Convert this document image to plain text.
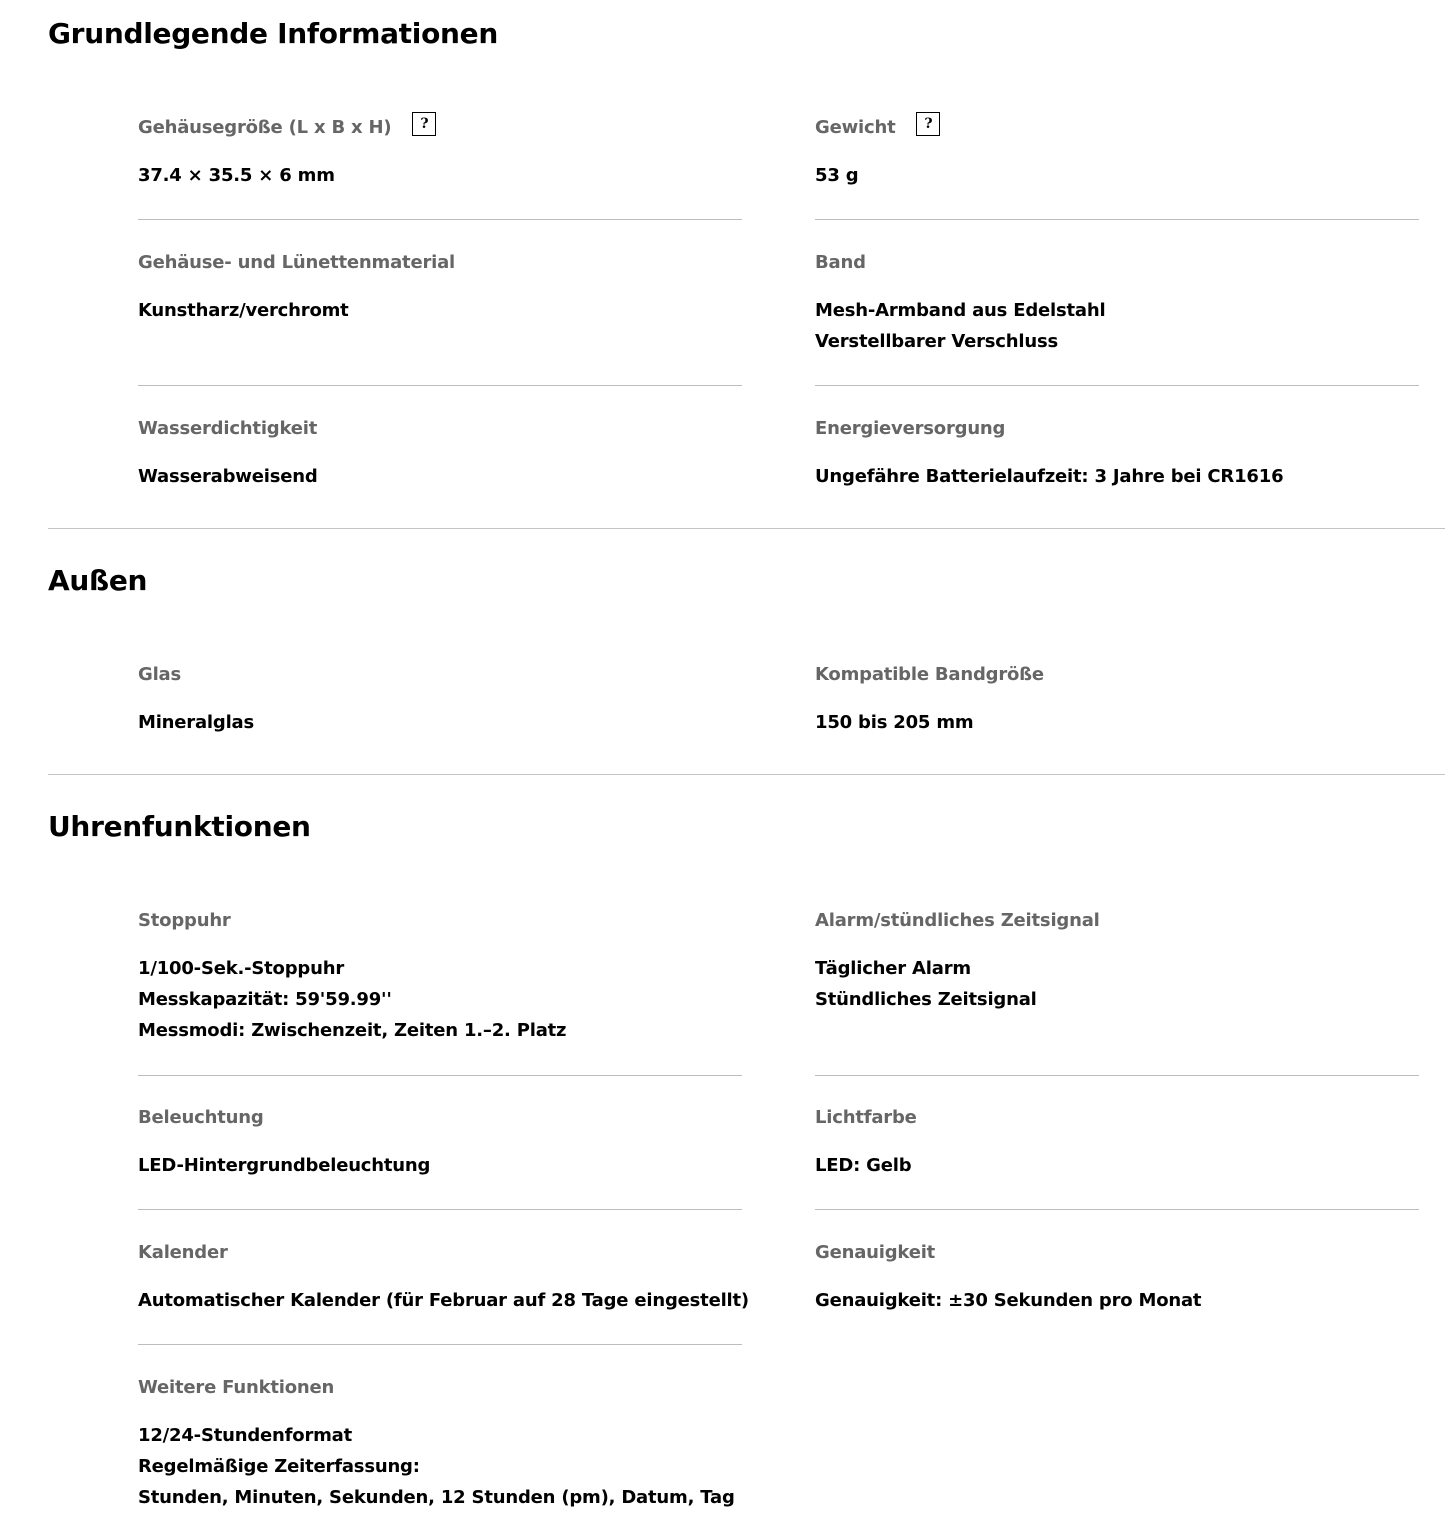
Grundlegende Informationen
Gehäusegröße (L x B x H)	?
37.4 × 35.5 × 6 mm
Gewicht	?
53 g
Gehäuse- und Lünettenmaterial
Kunstharz/verchromt
Band
Mesh-Armband aus Edelstahl
Verstellbarer Verschluss
Wasserdichtigkeit
Wasserabweisend
Energieversorgung
Ungefähre Batterielaufzeit: 3 Jahre bei CR1616
Außen
Glas
Mineralglas
Kompatible Bandgröße
150 bis 205 mm
Uhrenfunktionen
Stoppuhr
1/100-Sek.-Stoppuhr
Messkapazität: 59'59.99''
Messmodi: Zwischenzeit, Zeiten 1.–2. Platz
Alarm/stündliches Zeitsignal
Täglicher Alarm
Stündliches Zeitsignal
Beleuchtung
LED-Hintergrundbeleuchtung
Lichtfarbe
LED: Gelb
Kalender
Automatischer Kalender (für Februar auf 28 Tage eingestellt)
Genauigkeit
Genauigkeit: ±30 Sekunden pro Monat
Weitere Funktionen
12/24-Stundenformat
Regelmäßige Zeiterfassung:
Stunden, Minuten, Sekunden, 12 Stunden (pm), Datum, Tag
